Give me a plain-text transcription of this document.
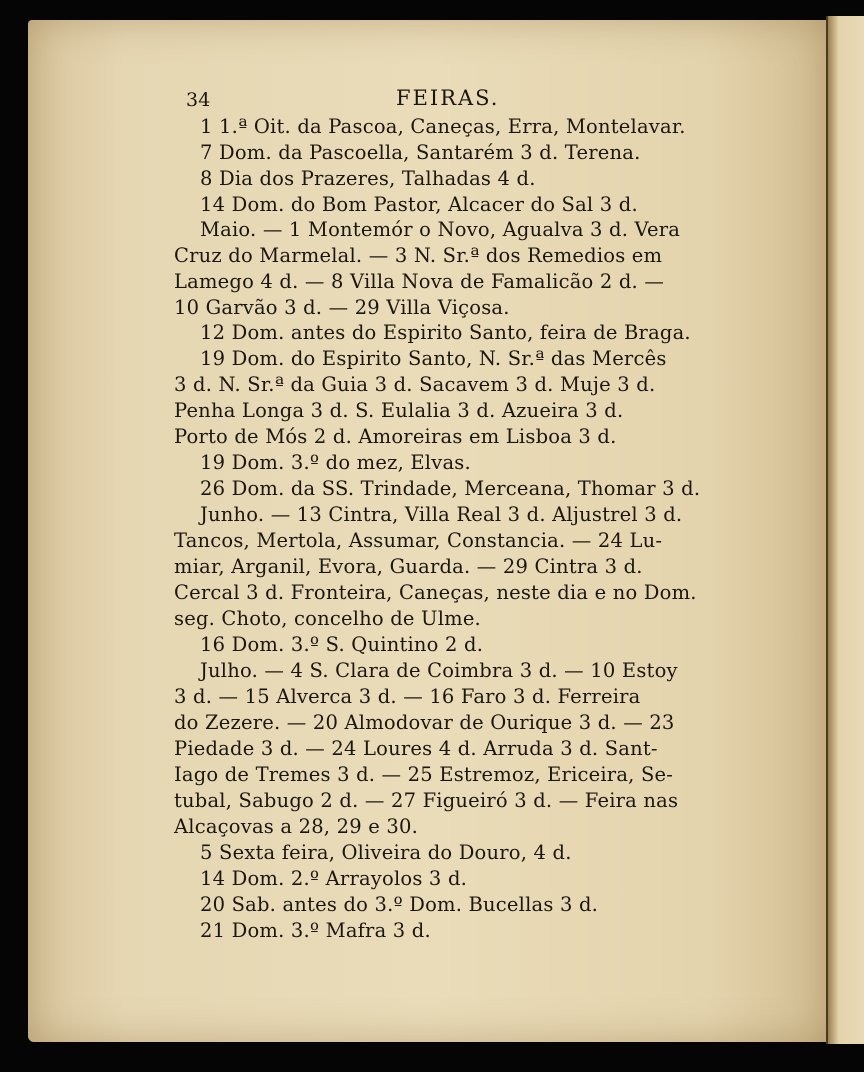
34	FEIRAS.
1 1.ª Oit. da Pascoa, Caneças, Erra, Montelavar.
7 Dom. da Pascoella, Santarém 3 d. Terena.
8 Dia dos Prazeres, Talhadas 4 d.
14 Dom. do Bom Pastor, Alcacer do Sal 3 d.
Maio. — 1 Montemór o Novo, Agualva 3 d. Vera
Cruz do Marmelal. — 3 N. Sr.ª dos Remedios em
Lamego 4 d. — 8 Villa Nova de Famalicão 2 d. —
10 Garvão 3 d. — 29 Villa Viçosa.
12 Dom. antes do Espirito Santo, feira de Braga.
19 Dom. do Espirito Santo, N. Sr.ª das Mercês
3 d. N. Sr.ª da Guia 3 d. Sacavem 3 d. Muje 3 d.
Penha Longa 3 d. S. Eulalia 3 d. Azueira 3 d.
Porto de Mós 2 d. Amoreiras em Lisboa 3 d.
19 Dom. 3.º do mez, Elvas.
26 Dom. da SS. Trindade, Merceana, Thomar 3 d.
Junho. — 13 Cintra, Villa Real 3 d. Aljustrel 3 d.
Tancos, Mertola, Assumar, Constancia. — 24 Lu-
miar, Arganil, Evora, Guarda. — 29 Cintra 3 d.
Cercal 3 d. Fronteira, Caneças, neste dia e no Dom.
seg. Choto, concelho de Ulme.
16 Dom. 3.º S. Quintino 2 d.
Julho. — 4 S. Clara de Coimbra 3 d. — 10 Estoy
3 d. — 15 Alverca 3 d. — 16 Faro 3 d. Ferreira
do Zezere. — 20 Almodovar de Ourique 3 d. — 23
Piedade 3 d. — 24 Loures 4 d. Arruda 3 d. Sant-
Iago de Tremes 3 d. — 25 Estremoz, Ericeira, Se-
tubal, Sabugo 2 d. — 27 Figueiró 3 d. — Feira nas
Alcaçovas a 28, 29 e 30.
5 Sexta feira, Oliveira do Douro, 4 d.
14 Dom. 2.º Arrayolos 3 d.
20 Sab. antes do 3.º Dom. Bucellas 3 d.
21 Dom. 3.º Mafra 3 d.
